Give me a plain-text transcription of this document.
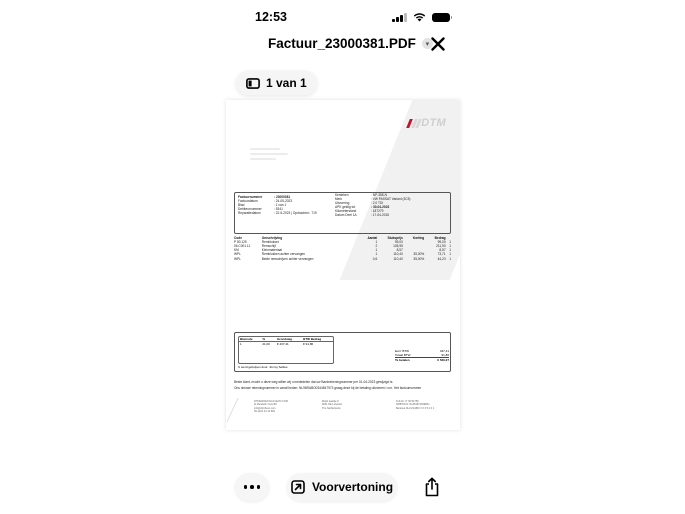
12:53
Factuur_23000381.PDF	▾
1 van 1
DTM
Factuurnummer	: 23000381
Factuurdatum	: 24-05-2023
Blad	: 1 van 1
Debiteurnummer	: 5341
Reparatiedatum	: 22-5-2023 | Opdrachtnr.: 719
Kenteken	: NP-358-N
Merk	: VW PASSAT Variant (3C5)
Uitvoering	: 2.0 TDI
APK geldig tot	: 30-04-2023
Kilometerstand	: 187279
Datum Deel 1A	: 17-04-2015
Code	Omschrijving	Aantal	Stuksprijs	Korting	Bedrag	
P 80.125	Remblokset	1	99,00		99,00	1
06.C001.11	Remschijf	2	105,95		211,90	1
KM	Kleinmateriaal	1	8,57		8,57	1
WPL	Remblokken achter vervangen	1	110,40	35,00%	73,71	1
WPL	Beide remschijven achter vervangen	0,6	110,40	35,00%	44,23	1
Btwcode	%	Grondslag	BTW Bedrag
1	21,00	€ 437,41	€ 91,86
U werd geholpen door: Jimmy Sellies
Excl. BTW	437,41
Totaal BTW	91,86
Te betalen	€ 529,27
Beste klant, mocht u deze weg willen wij u mededelen dat uw Bankrekeningnummer per 01-04-2023 gewijzigd is.
Ons nieuwe rekeningnummer is vanaf heden: NL96RABO0344847973 graag deze bij de betaling uitvoeren i.v.m. Het factuurnummer
DTMGROEN.NL/FLEVO.COM
2t Mendelin Cars BV
info@dtmflevo.com
06-2221 44 14 892
Markt kaartje 8
8231 DE Lelystad
The Netherlands
KvK-Nr: 8 70741756
NMBTW-N: NL861872469B01
Bankrek.NL21 RABO 0 3 3 5 2 0 1
Voorvertoning
